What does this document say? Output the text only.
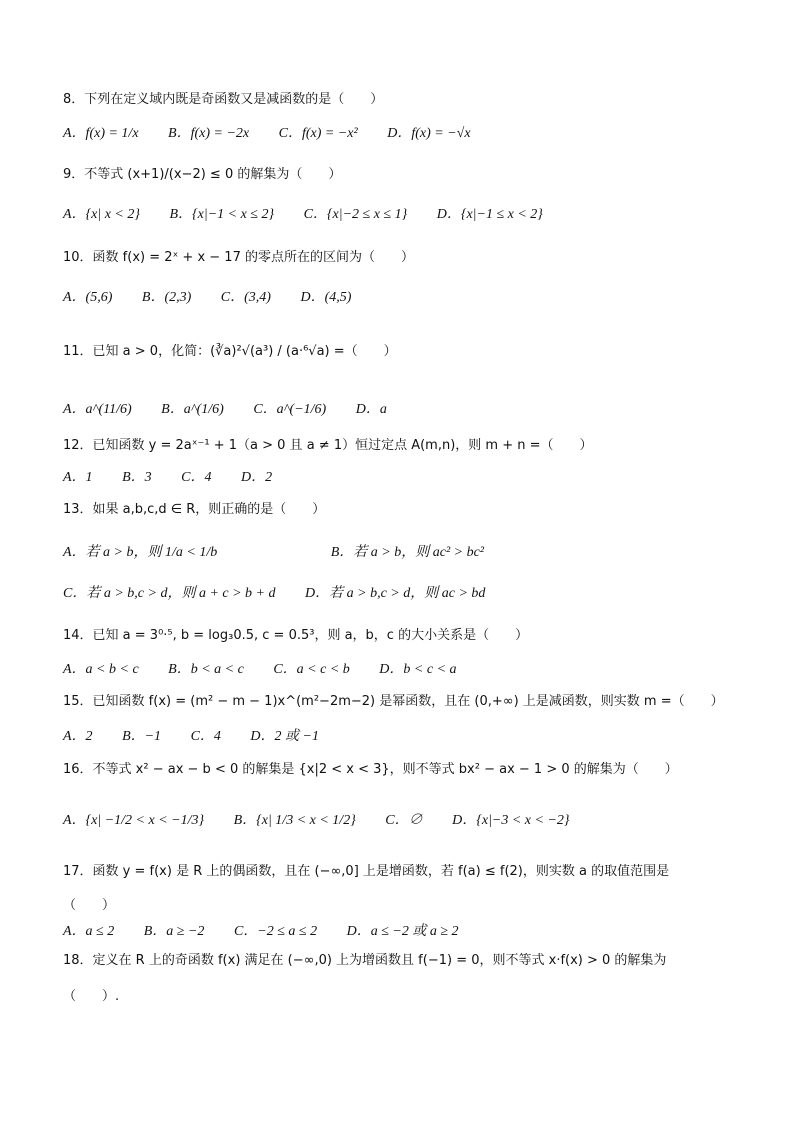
8．下列在定义域内既是奇函数又是减函数的是（　　）
A．f(x) = 1/x B．f(x) = −2x C．f(x) = −x² D．f(x) = −√x
9．不等式 (x+1)/(x−2) ≤ 0 的解集为（　　）
A．{x| x < 2} B．{x|−1 < x ≤ 2} C．{x|−2 ≤ x ≤ 1} D．{x|−1 ≤ x < 2}
10．函数 f(x) = 2ˣ + x − 17 的零点所在的区间为（　　）
A．(5,6) B．(2,3) C．(3,4) D．(4,5)
11．已知 a > 0，化简：(∛a)²√(a³) / (a·⁶√a) =（　　）
A．a^(11/6) B．a^(1/6) C．a^(−1/6) D．a
12．已知函数 y = 2aˣ⁻¹ + 1（a > 0 且 a ≠ 1）恒过定点 A(m,n)，则 m + n =（　　）
A．1 B．3 C．4 D．2
13．如果 a,b,c,d ∈ R，则正确的是（　　）
A．若 a > b，则 1/a < 1/b	B．若 a > b，则 ac² > bc²
C．若 a > b,c > d，则 a + c > b + d D．若 a > b,c > d，则 ac > bd
14．已知 a = 3⁰·⁵, b = log₃0.5, c = 0.5³，则 a，b，c 的大小关系是（　　）
A．a < b < c B．b < a < c C．a < c < b D．b < c < a
15．已知函数 f(x) = (m² − m − 1)x^(m²−2m−2) 是幂函数，且在 (0,+∞) 上是减函数，则实数 m =（　　）
A．2 B．−1 C．4 D．2 或 −1
16．不等式 x² − ax − b < 0 的解集是 {x|2 < x < 3}，则不等式 bx² − ax − 1 > 0 的解集为（　　）
A．{x| −1/2 < x < −1/3} B．{x| 1/3 < x < 1/2} C．∅ D．{x|−3 < x < −2}
17．函数 y = f(x) 是 R 上的偶函数，且在 (−∞,0] 上是增函数，若 f(a) ≤ f(2)，则实数 a 的取值范围是
（　　）
A．a ≤ 2 B．a ≥ −2 C．−2 ≤ a ≤ 2 D．a ≤ −2 或 a ≥ 2
18．定义在 R 上的奇函数 f(x) 满足在 (−∞,0) 上为增函数且 f(−1) = 0，则不等式 x·f(x) > 0 的解集为
（　　）.
